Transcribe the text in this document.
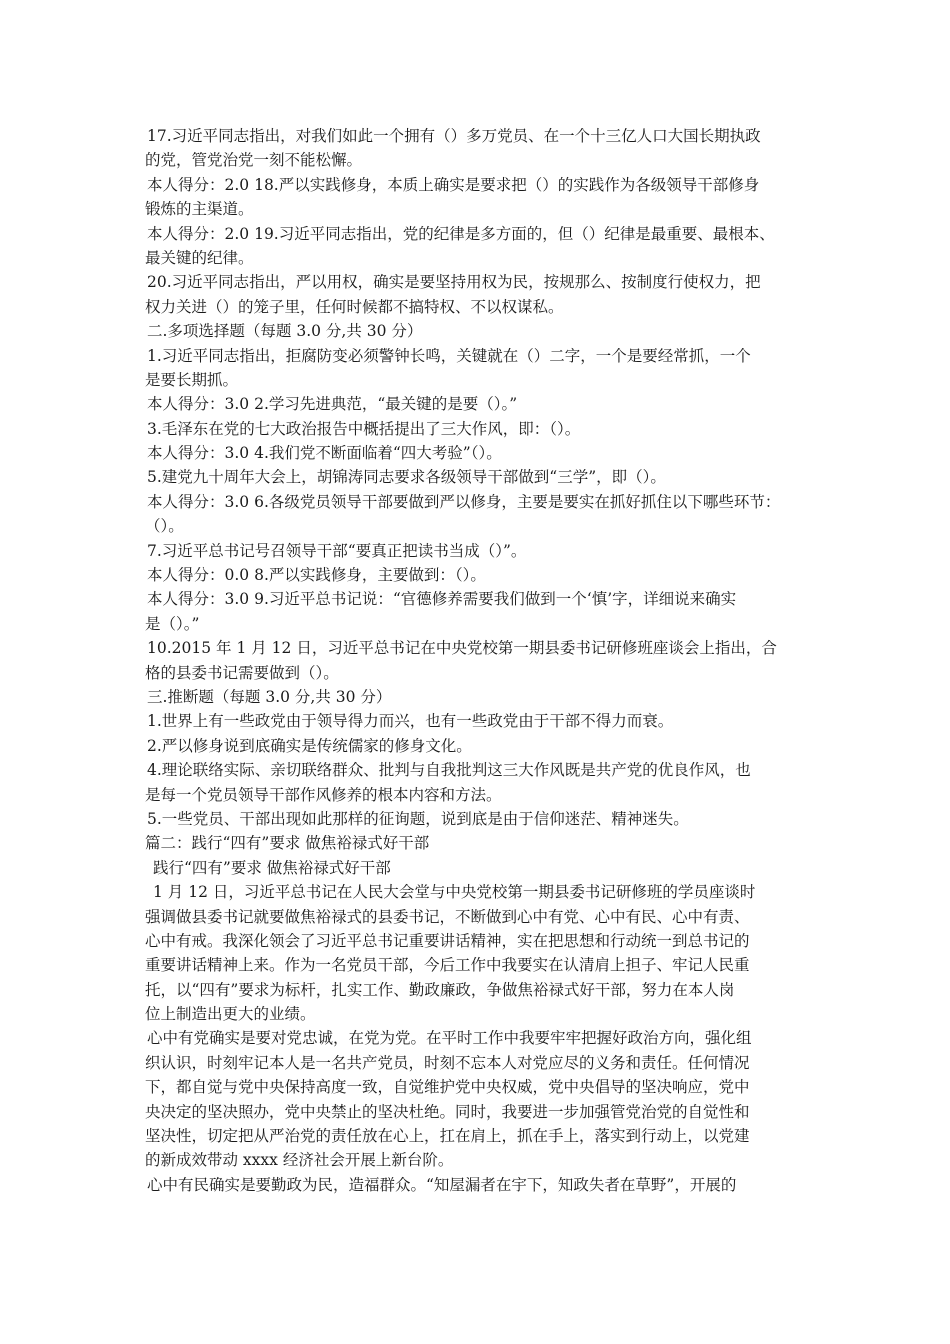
17.习近平同志指出，对我们如此一个拥有（）多万党员、在一个十三亿人口大国长期执政
的党，管党治党一刻不能松懈。
本人得分：2.0 18.严以实践修身，本质上确实是要求把（）的实践作为各级领导干部修身
锻炼的主渠道。
本人得分：2.0 19.习近平同志指出，党的纪律是多方面的，但（）纪律是最重要、最根本、
最关键的纪律。
20.习近平同志指出，严以用权，确实是要坚持用权为民，按规那么、按制度行使权力，把
权力关进（）的笼子里，任何时候都不搞特权、不以权谋私。
二.多项选择题（每题 3.0 分,共 30 分）
1.习近平同志指出，拒腐防变必须警钟长鸣，关键就在（）二字，一个是要经常抓，一个
是要长期抓。
本人得分：3.0 2.学习先进典范，“最关键的是要（）。”
3.毛泽东在党的七大政治报告中概括提出了三大作风，即：（）。
本人得分：3.0 4.我们党不断面临着“四大考验”（）。
5.建党九十周年大会上，胡锦涛同志要求各级领导干部做到“三学”，即（）。
本人得分：3.0 6.各级党员领导干部要做到严以修身，主要是要实在抓好抓住以下哪些环节：
（）。
7.习近平总书记号召领导干部“要真正把读书当成（）”。
本人得分：0.0 8.严以实践修身，主要做到：（）。
本人得分：3.0 9.习近平总书记说：“官德修养需要我们做到一个‘慎’字，详细说来确实
是（）。”
10.2015 年 1 月 12 日，习近平总书记在中央党校第一期县委书记研修班座谈会上指出，合
格的县委书记需要做到（）。
三.推断题（每题 3.0 分,共 30 分）
1.世界上有一些政党由于领导得力而兴，也有一些政党由于干部不得力而衰。
2.严以修身说到底确实是传统儒家的修身文化。
4.理论联络实际、亲切联络群众、批判与自我批判这三大作风既是共产党的优良作风，也
是每一个党员领导干部作风修养的根本内容和方法。
5.一些党员、干部出现如此那样的征询题，说到底是由于信仰迷茫、精神迷失。
篇二：践行“四有”要求 做焦裕禄式好干部
践行“四有”要求 做焦裕禄式好干部
1 月 12 日，习近平总书记在人民大会堂与中央党校第一期县委书记研修班的学员座谈时
强调做县委书记就要做焦裕禄式的县委书记，不断做到心中有党、心中有民、心中有责、
心中有戒。我深化领会了习近平总书记重要讲话精神，实在把思想和行动统一到总书记的
重要讲话精神上来。作为一名党员干部，今后工作中我要实在认清肩上担子、牢记人民重
托，以“四有”要求为标杆，扎实工作、勤政廉政，争做焦裕禄式好干部，努力在本人岗
位上制造出更大的业绩。
心中有党确实是要对党忠诚，在党为党。在平时工作中我要牢牢把握好政治方向，强化组
织认识，时刻牢记本人是一名共产党员，时刻不忘本人对党应尽的义务和责任。任何情况
下，都自觉与党中央保持高度一致，自觉维护党中央权威，党中央倡导的坚决响应，党中
央决定的坚决照办，党中央禁止的坚决杜绝。同时，我要进一步加强管党治党的自觉性和
坚决性，切定把从严治党的责任放在心上，扛在肩上，抓在手上，落实到行动上，以党建
的新成效带动 xxxx 经济社会开展上新台阶。
心中有民确实是要勤政为民，造福群众。“知屋漏者在宇下，知政失者在草野”，开展的
